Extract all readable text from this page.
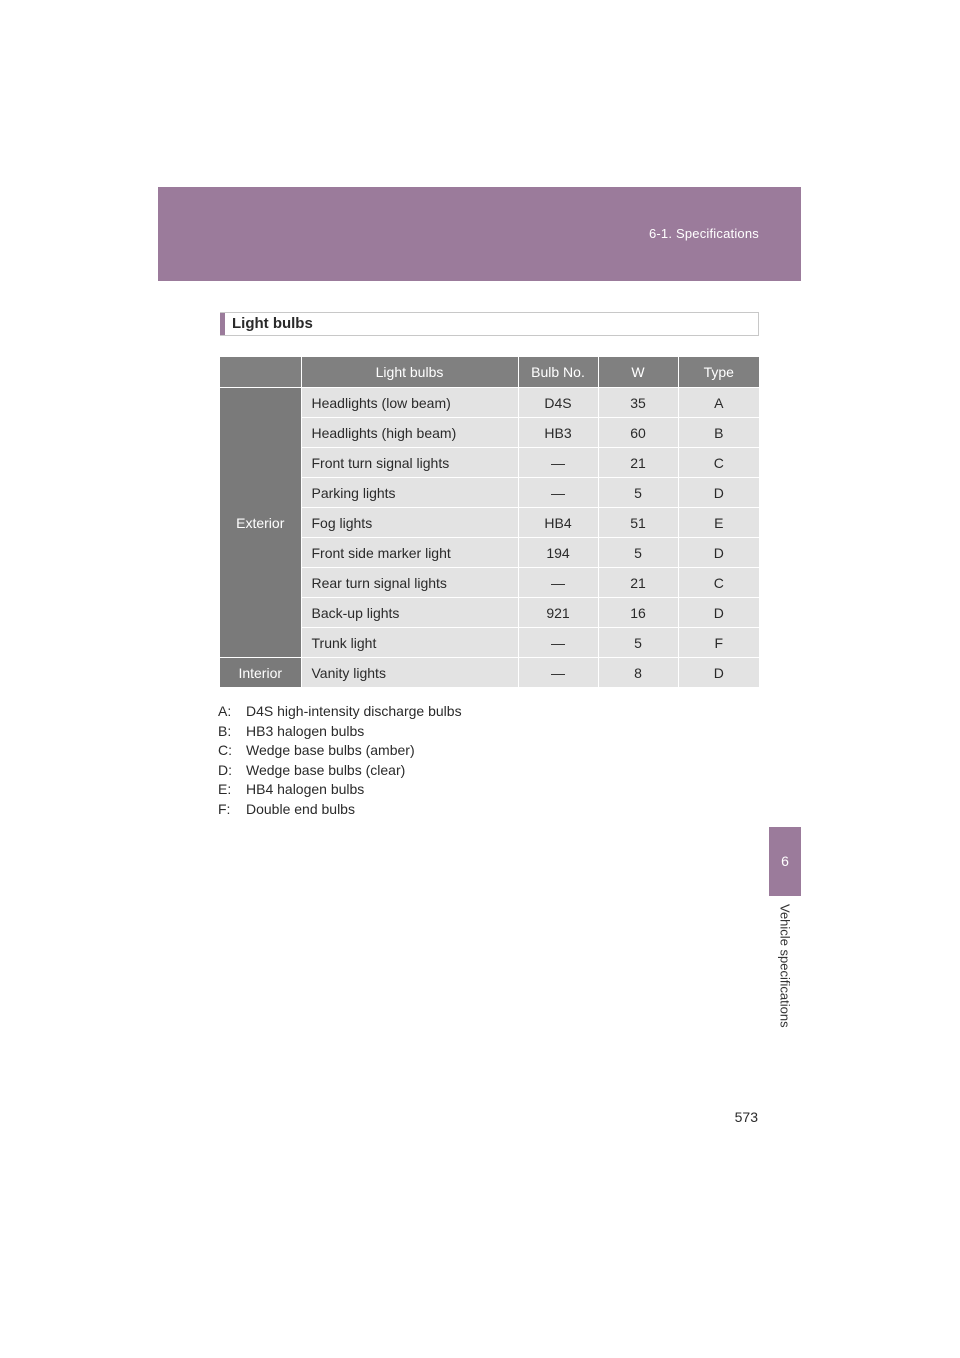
6-1. Specifications
6
Vehicle specifications
Light bulbs
	Light bulbs	Bulb No.	W	Type
Exterior	Headlights (low beam)	D4S	35	A
	Headlights (high beam)	HB3	60	B
	Front turn signal lights	—	21	C
	Parking lights	—	5	D
	Fog lights	HB4	51	E
	Front side marker light	194	5	D
	Rear turn signal lights	—	21	C
	Back-up lights	921	16	D
	Trunk light	—	5	F
Interior	Vanity lights	—	8	D
A:	D4S high-intensity discharge bulbs
B:	HB3 halogen bulbs
C:	Wedge base bulbs (amber)
D:	Wedge base bulbs (clear)
E:	HB4 halogen bulbs
F:	Double end bulbs
573
